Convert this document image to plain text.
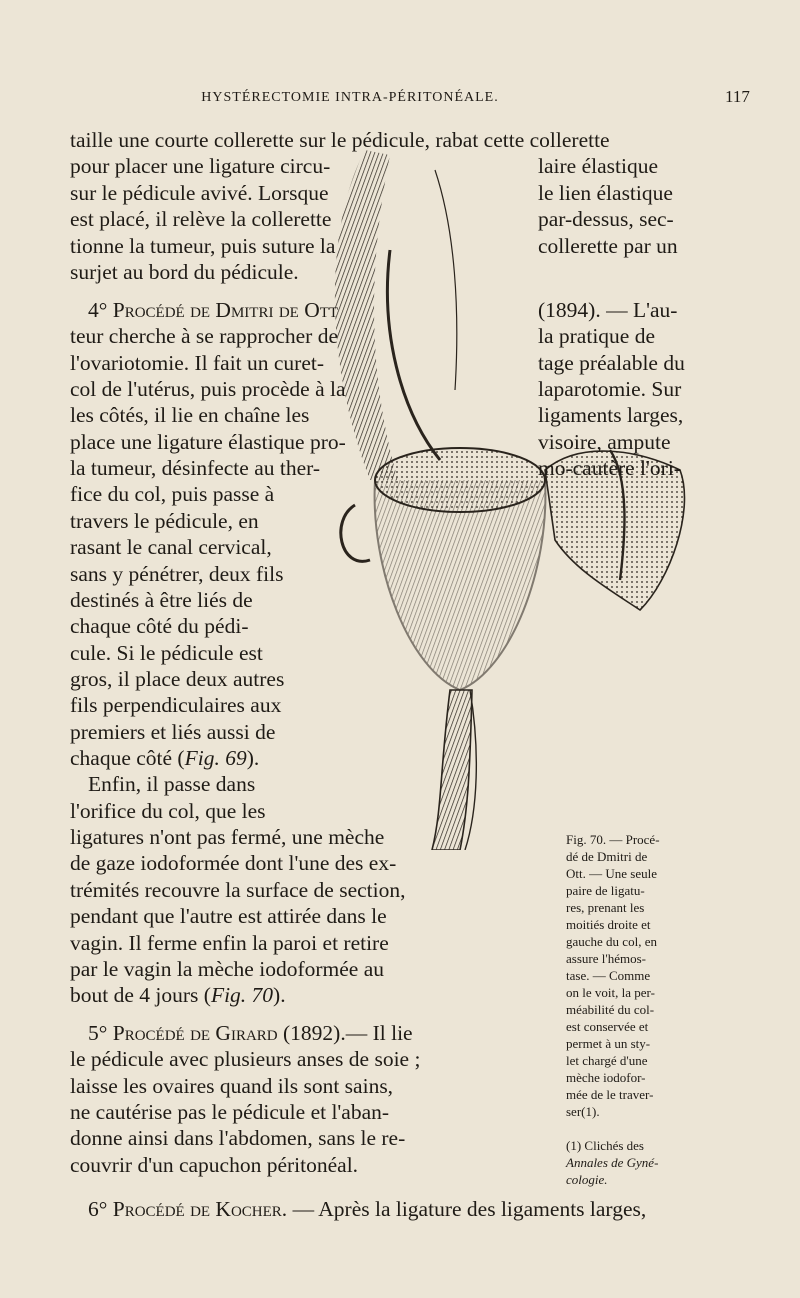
HYSTÉRECTOMIE INTRA-PÉRITONÉALE.	117
taille une courte collerette sur le pédicule, rabat cette collerette
pour placer une ligature circu-
sur le pédicule avivé. Lorsque
est placé, il relève la collerette
tionne la tumeur, puis suture la
surjet au bord du pédicule.
4° Procédé de Dmitri de Ott
teur cherche à se rapprocher de
l'ovariotomie. Il fait un curet-
col de l'utérus, puis procède à la
les côtés, il lie en chaîne les
place une ligature élastique pro-
la tumeur, désinfecte au ther-
fice du col, puis passe à
travers le pédicule, en
rasant le canal cervical,
sans y pénétrer, deux fils
destinés à être liés de
chaque côté du pédi-
cule. Si le pédicule est
gros, il place deux autres
fils perpendiculaires aux
premiers et liés aussi de
chaque côté (Fig. 69).
Enfin, il passe dans
l'orifice du col, que les
ligatures n'ont pas fermé, une mèche
de gaze iodoformée dont l'une des ex-
trémités recouvre la surface de section,
pendant que l'autre est attirée dans le
vagin. Il ferme enfin la paroi et retire
par le vagin la mèche iodoformée au
bout de 4 jours (Fig. 70).
5° Procédé de Girard (1892).— Il lie
le pédicule avec plusieurs anses de soie ;
laisse les ovaires quand ils sont sains,
ne cautérise pas le pédicule et l'aban-
donne ainsi dans l'abdomen, sans le re-
couvrir d'un capuchon péritonéal.
6° Procédé de Kocher. — Après la ligature des ligaments larges,
laire élastique
le lien élastique
par-dessus, sec-
collerette par un
(1894). — L'au-
la pratique de
tage préalable du
laparotomie. Sur
ligaments larges,
visoire, ampute
mo-cautère l'ori-
Fig. 70. — Procé-
dé de Dmitri de
Ott. — Une seule
paire de ligatu-
res, prenant les
moitiés droite et
gauche du col, en
assure l'hémos-
tase. — Comme
on le voit, la per-
méabilité du col-
est conservée et
permet à un sty-
let chargé d'une
mèche iodofor-
mée de le traver-
ser(1).
(1) Clichés des
Annales de Gyné-
cologie.
